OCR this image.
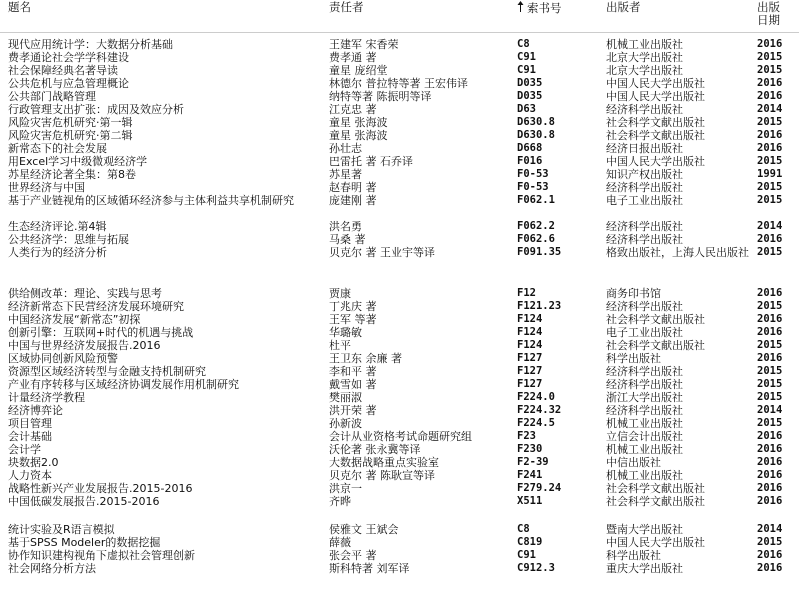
题名	责任者	索书号	出版者	出版日期
现代应用统计学：大数据分析基础	王建军 宋香荣	C8	机械工业出版社	2016
费孝通论社会学学科建设	费孝通 著	C91	北京大学出版社	2015
社会保障经典名著导读	童星 庞绍堂	C91	北京大学出版社	2015
公共危机与应急管理概论	林德尔 普拉特等著 王宏伟译	D035	中国人民大学出版社	2016
公共部门战略管理	纳特等著 陈振明等译	D035	中国人民大学出版社	2016
行政管理支出扩张：成因及效应分析	江克忠 著	D63	经济科学出版社	2014
风险灾害危机研究·第一辑	童星 张海波	D630.8	社会科学文献出版社	2015
风险灾害危机研究·第二辑	童星 张海波	D630.8	社会科学文献出版社	2016
新常态下的社会发展	孙壮志	D668	经济日报出版社	2016
用Excel学习中级微观经济学	巴雷托 著 石乔译	F016	中国人民大学出版社	2015
苏星经济论著全集：第8卷	苏星著	F0-53	知识产权出版社	1991
世界经济与中国	赵春明 著	F0-53	经济科学出版社	2015
基于产业链视角的区域循环经济参与主体利益共享机制研究	庞建刚 著	F062.1	电子工业出版社	2015
生态经济评论.第4辑	洪名勇	F062.2	经济科学出版社	2014
公共经济学：思维与拓展	马桑 著	F062.6	经济科学出版社	2016
人类行为的经济分析	贝克尔 著 王业宇等译	F091.35	格致出版社，上海人民出版社 2015
供给侧改革：理论、实践与思考	贾康	F12	商务印书馆	2016
经济新常态下民营经济发展环境研究	丁兆庆 著	F121.23	经济科学出版社	2015
中国经济发展“新常态”初探	王军 等著	F124	社会科学文献出版社	2016
创新引擎：互联网+时代的机遇与挑战	华璐敏	F124	电子工业出版社	2016
中国与世界经济发展报告.2016	杜平	F124	社会科学文献出版社	2015
区域协同创新风险预警	王卫东 余廉 著	F127	科学出版社	2016
资源型区域经济转型与金融支持机制研究	李和平 著	F127	经济科学出版社	2015
产业有序转移与区域经济协调发展作用机制研究	戴雪如 著	F127	经济科学出版社	2015
计量经济学教程	樊丽淑	F224.0	浙江大学出版社	2015
经济博弈论	洪开荣 著	F224.32	经济科学出版社	2014
项目管理	孙新波	F224.5	机械工业出版社	2015
会计基础	会计从业资格考试命题研究组	F23	立信会计出版社	2016
会计学	沃伦著 张永冀等译	F230	机械工业出版社	2016
块数据2.0	大数据战略重点实验室	F2-39	中信出版社	2016
人力资本	贝克尔 著 陈耿宣等译	F241	机械工业出版社	2016
战略性新兴产业发展报告.2015-2016	洪京一	F279.24	社会科学文献出版社	2016
中国低碳发展报告.2015-2016	齐晔	X511	社会科学文献出版社	2016
统计实验及R语言模拟	侯雅文 王斌会	C8	暨南大学出版社	2014
基于SPSS Modeler的数据挖掘	薛薇	C819	中国人民大学出版社	2015
协作知识建构视角下虚拟社会管理创新	张会平 著	C91	科学出版社	2016
社会网络分析方法	斯科特著 刘军译	C912.3	重庆大学出版社	2016
